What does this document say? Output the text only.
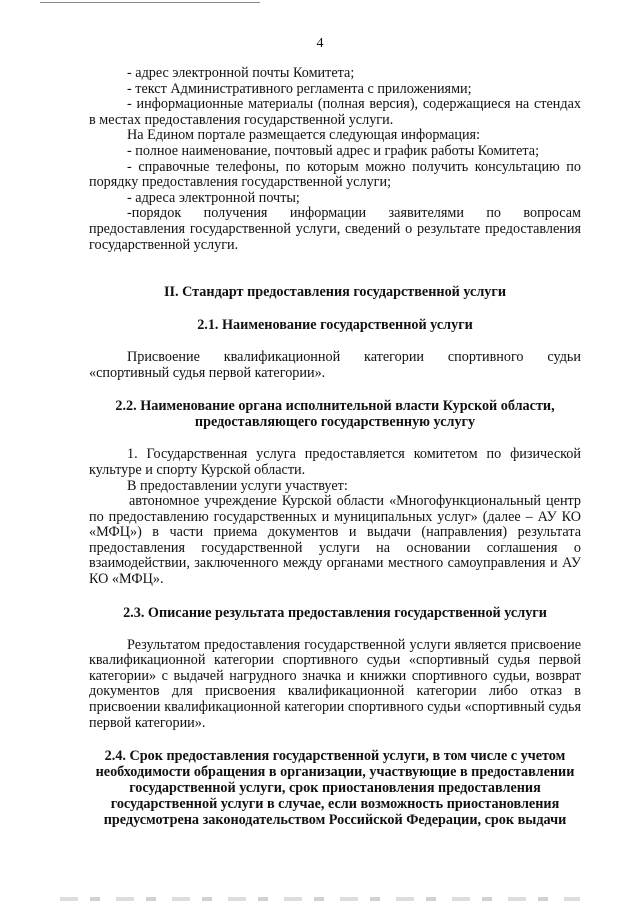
4

- адрес электронной почты Комитета;

- текст Административного регламента с приложениями;

- информационные материалы (полная версия), содержащиеся на стендах в местах предоставления государственной услуги.

На Едином портале размещается следующая информация:

- полное наименование, почтовый адрес и график работы Комитета;

- справочные телефоны, по которым можно получить консультацию по порядку предоставления государственной услуги;

- адреса электронной почты;

-порядок получения информации заявителями по вопросам предоставления государственной услуги, сведений о результате предоставления государственной услуги.

II. Стандарт предоставления государственной услуги

2.1. Наименование государственной услуги

Присвоение квалификационной категории спортивного судьи «спортивный судья первой категории».

2.2. Наименование органа исполнительной власти Курской области,
предоставляющего государственную услугу

1. Государственная услуга предоставляется комитетом по физической культуре и спорту Курской области.

В предоставлении услуги участвует:

автономное учреждение Курской области «Многофункциональный центр по предоставлению государственных и муниципальных услуг» (далее – АУ КО «МФЦ») в части приема документов и выдачи (направления) результата предоставления государственной услуги на основании соглашения о взаимодействии, заключенного между органами местного самоуправления и АУ КО «МФЦ».

2.3. Описание результата предоставления государственной услуги

Результатом предоставления государственной услуги является присвоение квалификационной категории спортивного судьи «спортивный судья первой категории» с выдачей нагрудного значка и книжки спортивного судьи, возврат документов для присвоения квалификационной категории либо отказ в присвоении квалификационной категории спортивного судьи «спортивный судья первой категории».

2.4. Срок предоставления государственной услуги, в том числе с учетом
необходимости обращения в организации, участвующие в предоставлении
государственной услуги, срок приостановления предоставления
государственной услуги в случае, если возможность приостановления
предусмотрена законодательством Российской Федерации, срок выдачи
